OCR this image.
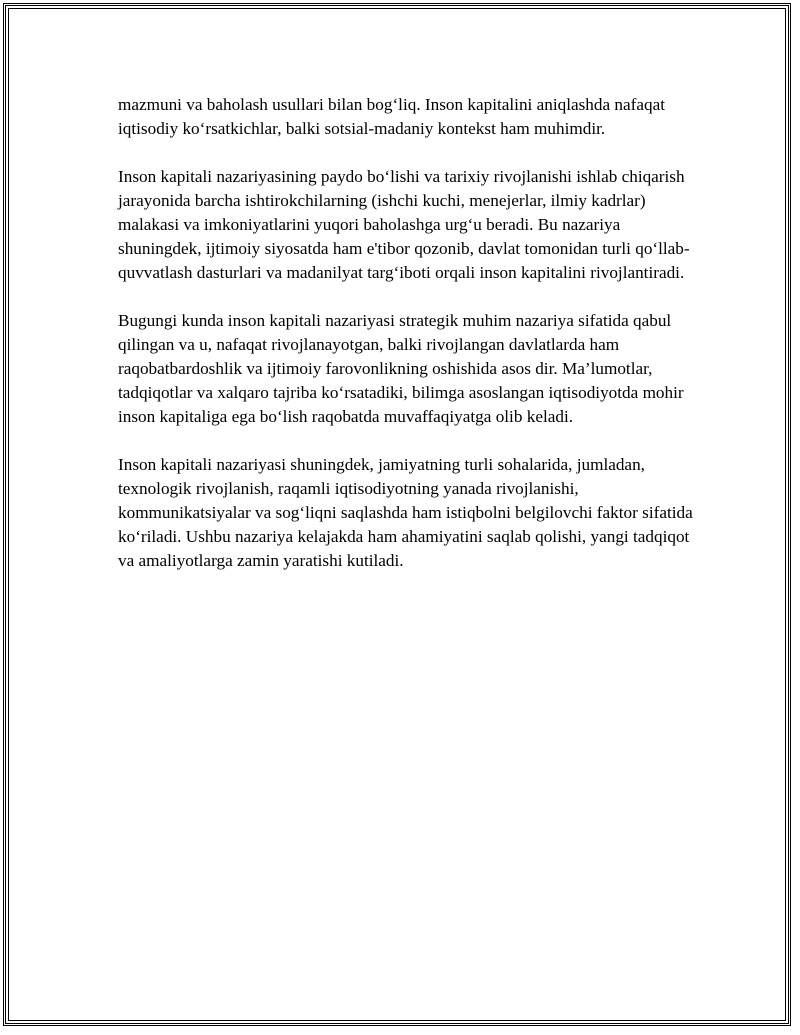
mazmuni va baholash usullari bilan bog‘liq. Inson kapitalini aniqlashda nafaqat iqtisodiy ko‘rsatkichlar, balki sotsial-madaniy kontekst ham muhimdir.

Inson kapitali nazariyasining paydo bo‘lishi va tarixiy rivojlanishi ishlab chiqarish jarayonida barcha ishtirokchilarning (ishchi kuchi, menejerlar, ilmiy kadrlar) malakasi va imkoniyatlarini yuqori baholashga urg‘u beradi. Bu nazariya shuningdek, ijtimoiy siyosatda ham e'tibor qozonib, davlat tomonidan turli qo‘llab-quvvatlash dasturlari va madanilyat targ‘iboti orqali inson kapitalini rivojlantiradi.

Bugungi kunda inson kapitali nazariyasi strategik muhim nazariya sifatida qabul qilingan va u, nafaqat rivojlanayotgan, balki rivojlangan davlatlarda ham raqobatbardoshlik va ijtimoiy farovonlikning oshishida asos dir. Ma’lumotlar, tadqiqotlar va xalqaro tajriba ko‘rsatadiki, bilimga asoslangan iqtisodiyotda mohir inson kapitaliga ega bo‘lish raqobatda muvaffaqiyatga olib keladi.

Inson kapitali nazariyasi shuningdek, jamiyatning turli sohalarida, jumladan, texnologik rivojlanish, raqamli iqtisodiyotning yanada rivojlanishi, kommunikatsiyalar va sog‘liqni saqlashda ham istiqbolni belgilovchi faktor sifatida ko‘riladi. Ushbu nazariya kelajakda ham ahamiyatini saqlab qolishi, yangi tadqiqot va amaliyotlarga zamin yaratishi kutiladi.
